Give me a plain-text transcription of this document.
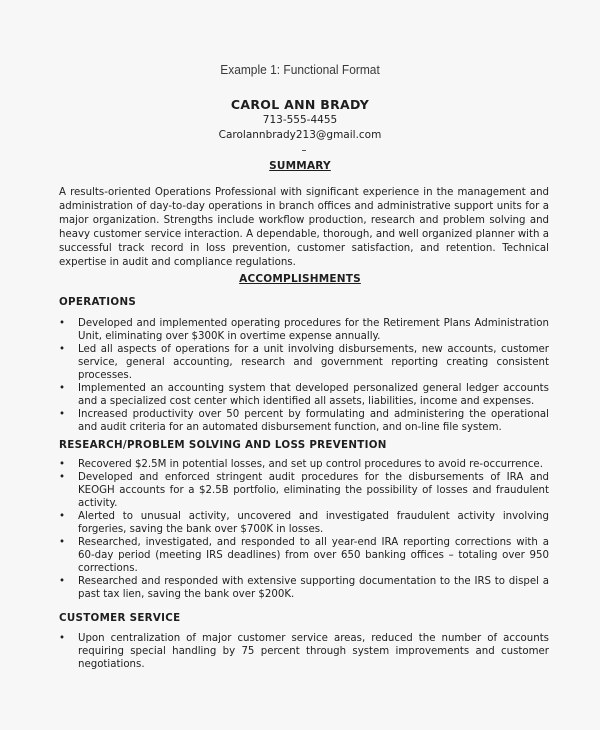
Example 1: Functional Format
CAROL ANN BRADY
713-555-4455
Carolannbrady213@gmail.com
SUMMARY
A results-oriented Operations Professional with significant experience in the management and administration of day-to-day operations in branch offices and administrative support units for a major organization. Strengths include workflow production, research and problem solving and heavy customer service interaction. A dependable, thorough, and well organized planner with a successful track record in loss prevention, customer satisfaction, and retention. Technical expertise in audit and compliance regulations.
ACCOMPLISHMENTS
OPERATIONS
• Developed and implemented operating procedures for the Retirement Plans Administration Unit, eliminating over $300K in overtime expense annually.
• Led all aspects of operations for a unit involving disbursements, new accounts, customer service, general accounting, research and government reporting creating consistent processes.
• Implemented an accounting system that developed personalized general ledger accounts and a specialized cost center which identified all assets, liabilities, income and expenses.
• Increased productivity over 50 percent by formulating and administering the operational and audit criteria for an automated disbursement function, and on-line file system.
RESEARCH/PROBLEM SOLVING AND LOSS PREVENTION
• Recovered $2.5M in potential losses, and set up control procedures to avoid re-occurrence.
• Developed and enforced stringent audit procedures for the disbursements of IRA and KEOGH accounts for a $2.5B portfolio, eliminating the possibility of losses and fraudulent activity.
• Alerted to unusual activity, uncovered and investigated fraudulent activity involving forgeries, saving the bank over $700K in losses.
• Researched, investigated, and responded to all year-end IRA reporting corrections with a 60-day period (meeting IRS deadlines) from over 650 banking offices – totaling over 950 corrections.
• Researched and responded with extensive supporting documentation to the IRS to dispel a past tax lien, saving the bank over $200K.
CUSTOMER SERVICE
• Upon centralization of major customer service areas, reduced the number of accounts requiring special handling by 75 percent through system improvements and customer negotiations.
